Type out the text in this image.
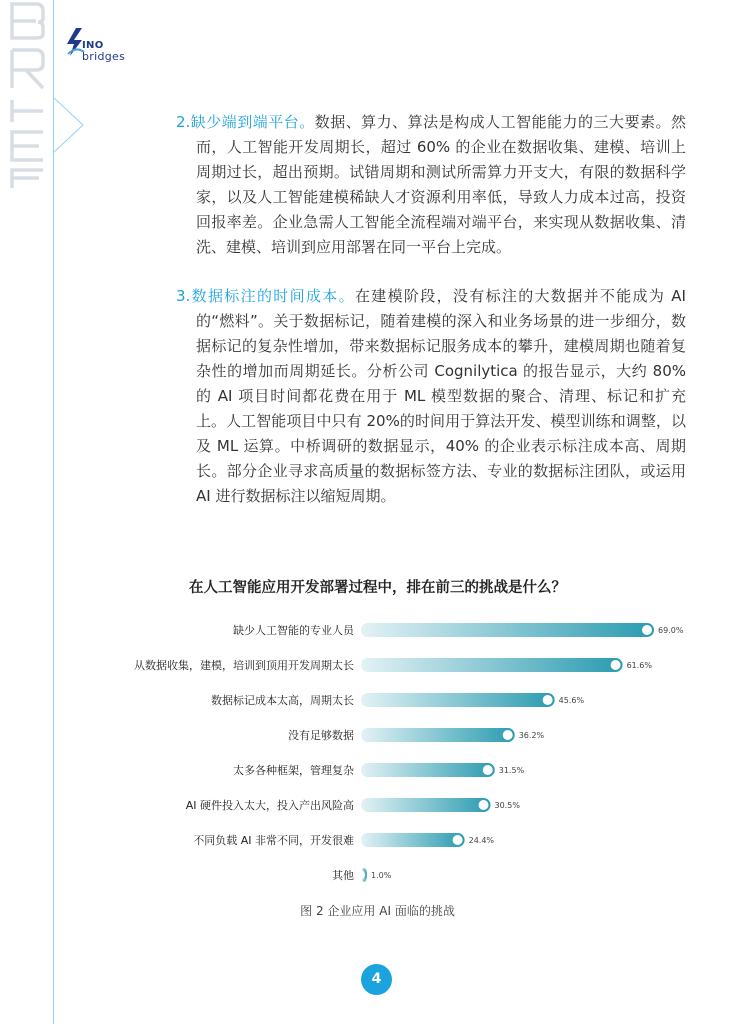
INO
bridges

2.缺少端到端平台。数据、算力、算法是构成人工智能能力的三大要素。然而，人工智能开发周期长，超过 60% 的企业在数据收集、建模、培训上周期过长，超出预期。试错周期和测试所需算力开支大，有限的数据科学家，以及人工智能建模稀缺人才资源利用率低，导致人力成本过高，投资回报率差。企业急需人工智能全流程端对端平台，来实现从数据收集、清洗、建模、培训到应用部署在同一平台上完成。

3.数据标注的时间成本。在建模阶段，没有标注的大数据并不能成为 AI 的“燃料”。关于数据标记，随着建模的深入和业务场景的进一步细分，数据标记的复杂性增加，带来数据标记服务成本的攀升，建模周期也随着复杂性的增加而周期延长。分析公司 Cognilytica 的报告显示，大约 80% 的 AI 项目时间都花费在用于 ML 模型数据的聚合、清理、标记和扩充上。人工智能项目中只有 20%的时间用于算法开发、模型训练和调整，以及 ML 运算。中桥调研的数据显示，40% 的企业表示标注成本高、周期长。部分企业寻求高质量的数据标签方法、专业的数据标注团队，或运用 AI 进行数据标注以缩短周期。

在人工智能应用开发部署过程中，排在前三的挑战是什么？
缺少人工智能的专业人员	69.0%
从数据收集，建模，培训到顶用开发周期太长	61.6%
数据标记成本太高，周期太长	45.6%
没有足够数据	36.2%
太多各种框架，管理复杂	31.5%
AI 硬件投入太大，投入产出风险高	30.5%
不同负载 AI 非常不同，开发很难	24.4%
其他 1.0%
图 2 企业应用 AI 面临的挑战
4
